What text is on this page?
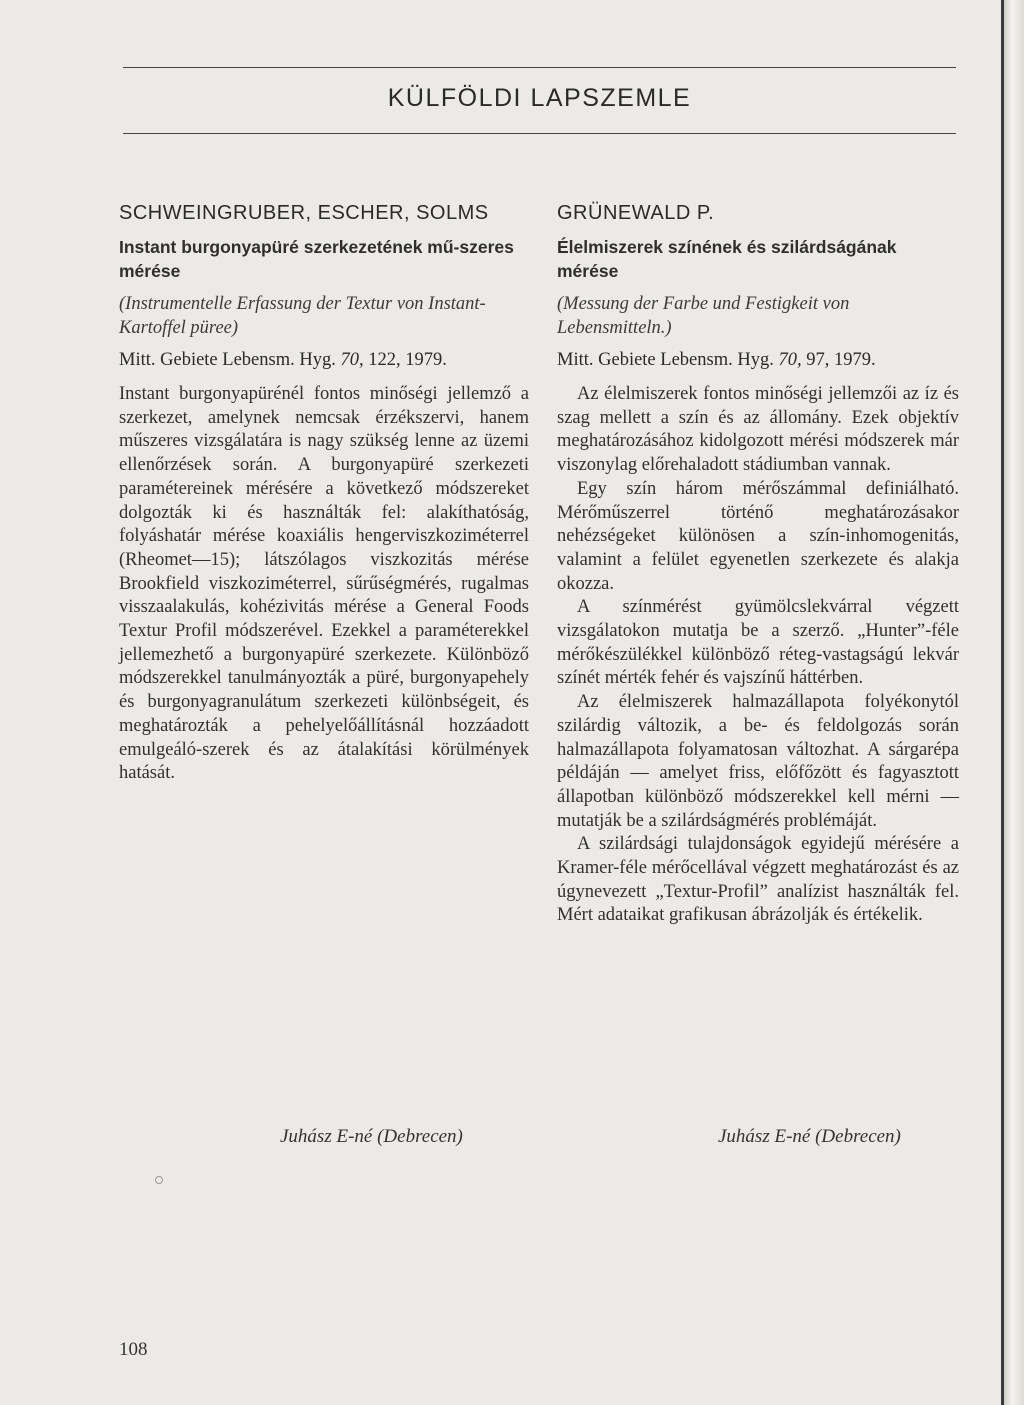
KÜLFÖLDI LAPSZEMLE

SCHWEINGRUBER, ESCHER, SOLMS

Instant burgonyapüré szerkezetének mű-szeres mérése

(Instrumentelle Erfassung der Textur von Instant-Kartoffel püree)

Mitt. Gebiete Lebensm. Hyg. 70, 122, 1979.

Instant burgonyapürénél fontos minőségi jellemző a szerkezet, amelynek nemcsak érzékszervi, hanem műszeres vizsgálatára is nagy szükség lenne az üzemi ellenőrzések során. A burgonyapüré szerkezeti paramétereinek mérésére a következő módszereket dolgozták ki és használták fel: alakíthatóság, folyáshatár mérése koaxiális hengerviszkoziméterrel (Rheomet—15); látszólagos viszkozitás mérése Brookfield viszkoziméterrel, sűrűségmérés, rugalmas visszaalakulás, kohézivitás mérése a General Foods Textur Profil módszerével. Ezekkel a paraméterekkel jellemezhető a burgonyapüré szerkezete. Különböző módszerekkel tanulmányozták a püré, burgonyapehely és burgonyagranulátum szerkezeti különbségeit, és meghatározták a pehelyelőállításnál hozzáadott emulgeáló-szerek és az átalakítási körülmények hatását.

GRÜNEWALD P.

Élelmiszerek színének és szilárdságának mérése

(Messung der Farbe und Festigkeit von Lebensmitteln.)

Mitt. Gebiete Lebensm. Hyg. 70, 97, 1979.

Az élelmiszerek fontos minőségi jellemzői az íz és szag mellett a szín és az állomány. Ezek objektív meghatározásához kidolgozott mérési módszerek már viszonylag előrehaladott stádiumban vannak.

Egy szín három mérőszámmal definiálható. Mérőműszerrel történő meghatározásakor nehézségeket különösen a szín-inhomogenitás, valamint a felület egyenetlen szerkezete és alakja okozza.

A színmérést gyümölcslekvárral végzett vizsgálatokon mutatja be a szerző. „Hunter”-féle mérőkészülékkel különböző réteg-vastagságú lekvár színét mérték fehér és vajszínű háttérben.

Az élelmiszerek halmazállapota folyékonytól szilárdig változik, a be- és feldolgozás során halmazállapota folyamatosan változhat. A sárgarépa példáján — amelyet friss, előfőzött és fagyasztott állapotban különböző módszerekkel kell mérni — mutatják be a szilárdságmérés problémáját.

A szilárdsági tulajdonságok egyidejű mérésére a Kramer-féle mérőcellával végzett meghatározást és az úgynevezett „Textur-Profil” analízist használták fel. Mért adataikat grafikusan ábrázolják és értékelik.

Juhász E-né (Debrecen)	Juhász E-né (Debrecen)
108
